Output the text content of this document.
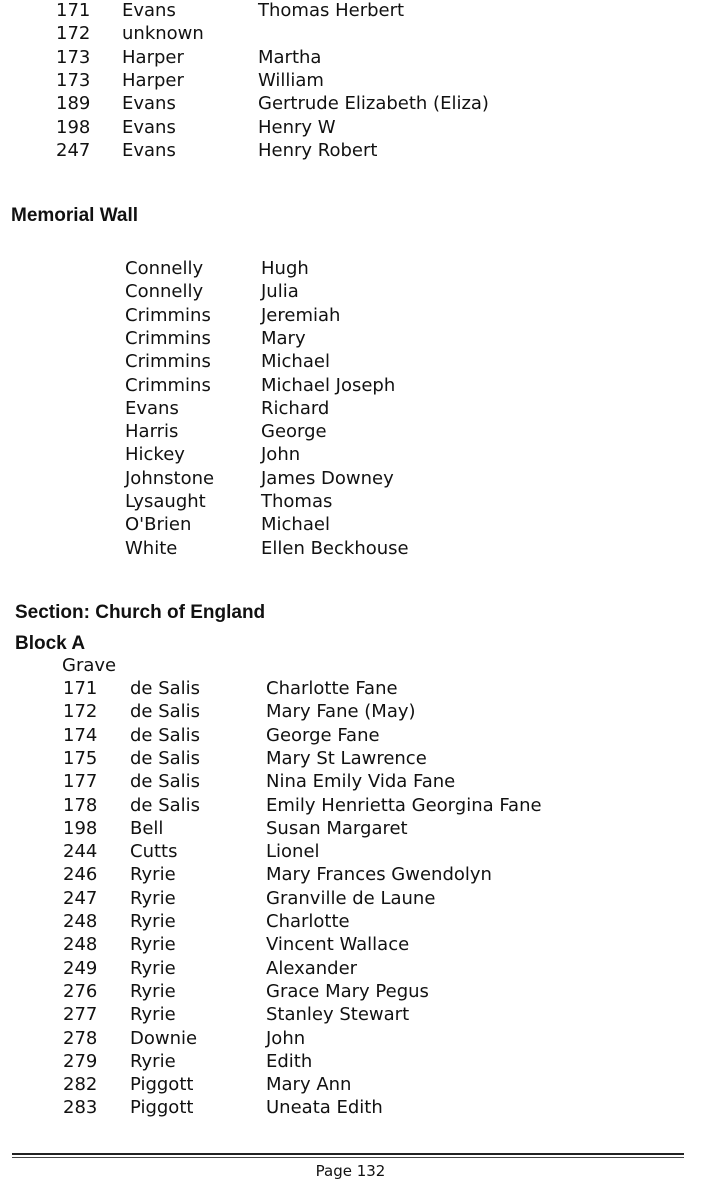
171 Evans	Thomas Herbert
172 unknown
173 Harper	Martha
173 Harper	William
189 Evans	Gertrude Elizabeth (Eliza)
198 Evans	Henry W
247 Evans	Henry Robert
Memorial Wall
Connelly	Hugh
Connelly	Julia
Crimmins	Jeremiah
Crimmins	Mary
Crimmins	Michael
Crimmins	Michael Joseph
Evans	Richard
Harris	George
Hickey	John
Johnstone	James Downey
Lysaught	Thomas
O'Brien	Michael
White	Ellen Beckhouse
Section: Church of England
Block A
Grave
171 de Salis	Charlotte Fane
172 de Salis	Mary Fane (May)
174 de Salis	George Fane
175 de Salis	Mary St Lawrence
177 de Salis	Nina Emily Vida Fane
178 de Salis	Emily Henrietta Georgina Fane
198 Bell	Susan Margaret
244 Cutts	Lionel
246 Ryrie	Mary Frances Gwendolyn
247 Ryrie	Granville de Laune
248 Ryrie	Charlotte
248 Ryrie	Vincent Wallace
249 Ryrie	Alexander
276 Ryrie	Grace Mary Pegus
277 Ryrie	Stanley Stewart
278 Downie	John
279 Ryrie	Edith
282 Piggott	Mary Ann
283 Piggott	Uneata Edith
Page 132
